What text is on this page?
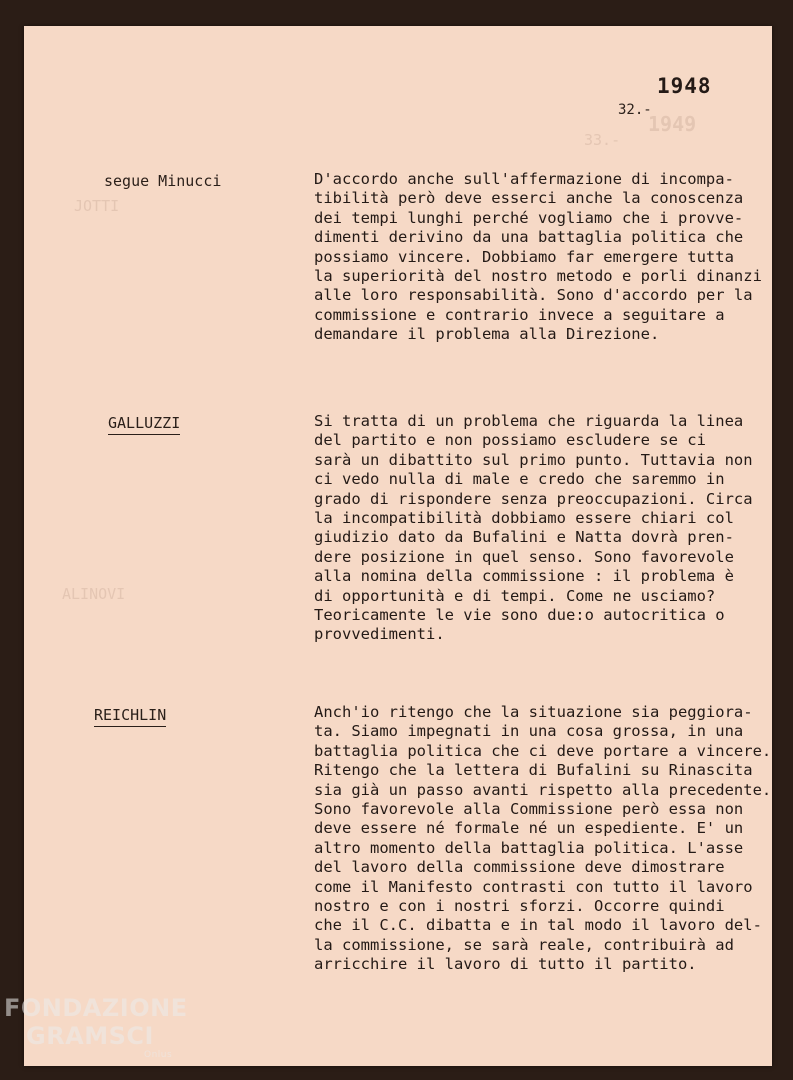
1949
33.-
JOTTI
ALINOVI
1948
32.-
segue Minucci	D'accordo anche sull'affermazione di incompa-
tibilità però deve esserci anche la conoscenza
dei tempi lunghi perché vogliamo che i provve-
dimenti derivino da una battaglia politica che
possiamo vincere. Dobbiamo far emergere tutta
la superiorità del nostro metodo e porli dinanzi
alle loro responsabilità. Sono d'accordo per la
commissione e contrario invece a seguitare a
demandare il problema alla Direzione.
GALLUZZI	Si tratta di un problema che riguarda la linea
del partito e non possiamo escludere se ci
sarà un dibattito sul primo punto. Tuttavia non
ci vedo nulla di male e credo che saremmo in
grado di rispondere senza preoccupazioni. Circa
la incompatibilità dobbiamo essere chiari col
giudizio dato da Bufalini e Natta dovrà pren-
dere posizione in quel senso. Sono favorevole
alla nomina della commissione : il problema è
di opportunità e di tempi. Come ne usciamo?
Teoricamente le vie sono due:o autocritica o
provvedimenti.
REICHLIN	Anch'io ritengo che la situazione sia peggiora-
ta. Siamo impegnati in una cosa grossa, in una
battaglia politica che ci deve portare a vincere.
Ritengo che la lettera di Bufalini su Rinascita
sia già un passo avanti rispetto alla precedente.
Sono favorevole alla Commissione però essa non
deve essere né formale né un espediente. E' un
altro momento della battaglia politica. L'asse
del lavoro della commissione deve dimostrare
come il Manifesto contrasti con tutto il lavoro
nostro e con i nostri sforzi. Occorre quindi
che il C.C. dibatta e in tal modo il lavoro del-
la commissione, se sarà reale, contribuirà ad
arricchire il lavoro di tutto il partito.
FONDAZIONE
GRAMSCI
Onlus
